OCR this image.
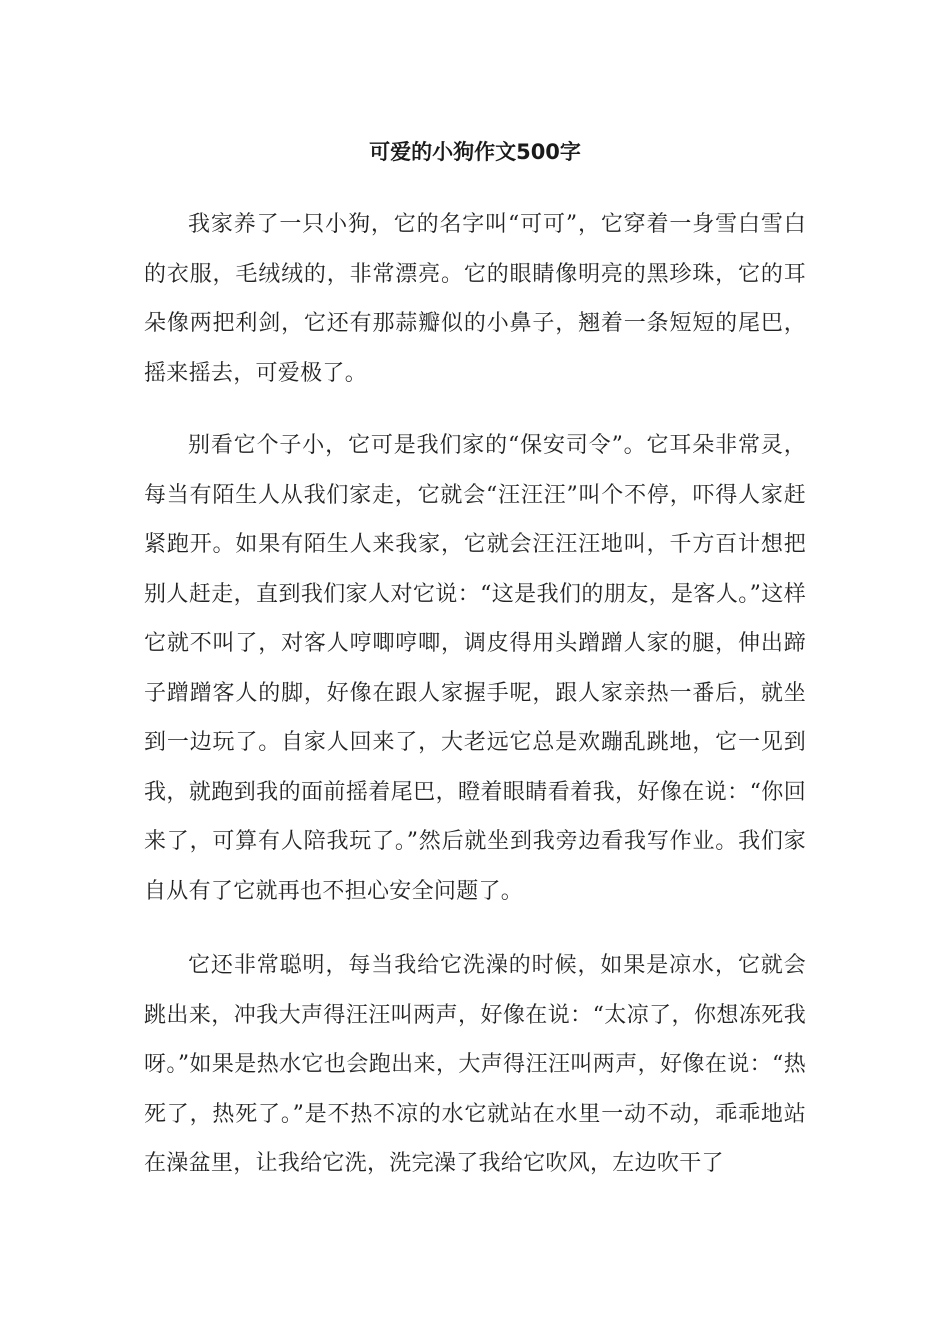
可爱的小狗作文500字

我家养了一只小狗，它的名字叫“可可”，它穿着一身雪白雪白的衣服，毛绒绒的，非常漂亮。它的眼睛像明亮的黑珍珠，它的耳朵像两把利剑，它还有那蒜瓣似的小鼻子，翘着一条短短的尾巴，摇来摇去，可爱极了。

别看它个子小，它可是我们家的“保安司令”。它耳朵非常灵，每当有陌生人从我们家走，它就会“汪汪汪”叫个不停，吓得人家赶紧跑开。如果有陌生人来我家，它就会汪汪汪地叫，千方百计想把别人赶走，直到我们家人对它说：“这是我们的朋友，是客人。”这样它就不叫了，对客人哼唧哼唧，调皮得用头蹭蹭人家的腿，伸出蹄子蹭蹭客人的脚，好像在跟人家握手呢，跟人家亲热一番后，就坐到一边玩了。自家人回来了，大老远它总是欢蹦乱跳地，它一见到我，就跑到我的面前摇着尾巴，瞪着眼睛看着我，好像在说：“你回来了，可算有人陪我玩了。”然后就坐到我旁边看我写作业。我们家自从有了它就再也不担心安全问题了。

它还非常聪明，每当我给它洗澡的时候，如果是凉水，它就会跳出来，冲我大声得汪汪叫两声，好像在说：“太凉了，你想冻死我呀。”如果是热水它也会跑出来，大声得汪汪叫两声，好像在说：“热死了，热死了。”是不热不凉的水它就站在水里一动不动，乖乖地站在澡盆里，让我给它洗，洗完澡了我给它吹风，左边吹干了
